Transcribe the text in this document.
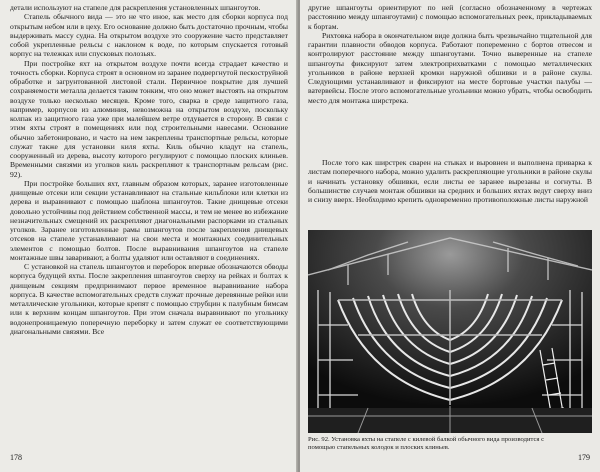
детали используют на стапеле для раскрепления установленных шпангоутов.

Стапель обычного вида — это не что иное, как место для сборки корпуса под открытым небом или в цеху. Его основание должно быть достаточно прочным, чтобы выдерживать массу судна. На открытом воздухе это сооружение часто представляет собой укрепленные рельсы с наклоном к воде, по которым спускается готовый корпус на тележках или спусковых полозьях.

При постройке яхт на открытом воздухе почти всегда страдает качество и точность сборки. Корпуса строят в основном из заранее подвергнутой пескоструйной обработке и загрунтованной листовой стали. Первичное покрытие для лучшей сохраняемости металла делается таким тонким, что оно может выстоять на открытом воздухе только несколько месяцев. Кроме того, сварка в среде защитного газа, например, корпусов из алюминия, невозможна на открытом воздухе, поскольку колпак из защитного газа уже при малейшем ветре отдувается в сторону. В связи с этим яхты строят в помещениях или под строительными навесами. Основание обычно забетонировано, и часто на нем закреплены транспортные рельсы, которые служат также для установки киля яхты. Киль обычно кладут на стапель, сооруженный из дерева, высоту которого регулируют с помощью плоских клиньев. Временными связями из уголков киль раскрепляют к транспортным рельсам (рис. 92).

При постройке больших яхт, главным образом которых, заранее изготовленные днищевые отсеки или секции устанавливают на стальные кильблоки или клетки из дерева и выравнивают с помощью шаблона шпангоутов. Такие днищевые отсеки довольно устойчивы под действием собственной массы, и тем не менее во избежание незначительных смещений их раскрепляют диагональными распорками из стальных уголков. Заранее изготовленные рамы шпангоутов после закрепления днищевых отсеков на стапеле устанавливают на свои места и монтажных соединительных элементов с помощью болтов. После выравнивания шпангоутов на стапеле монтажные швы заваривают, а болты удаляют или оставляют в соединениях.

С установкой на стапель шпангоутов и переборок впервые обозначаются обводы корпуса будущей яхты. После закрепления шпангоутов сверху на рейках и болтах к днищевым секциям предпринимают первое временное выравнивание набора корпуса. В качестве вспомогательных средств служат прочные деревянные рейки или металлические угольники, которые крепят с помощью струбцин к палубным бимсам или к верхним концам шпангоутов. При этом сначала выравнивают по угольнику водонепроницаемую поперечную переборку и затем служат ее соответствующими диагональными связями. Все

178

другие шпангоуты ориентируют по ней (согласно обозначенному в чертежах расстоянию между шпангоутами) с помощью вспомогательных реек, прикладываемых к бортам.

Рихтовка набора в окончательном виде должна быть чрезвычайно тщательной для гарантии плавности обводов корпуса. Работают попеременно с бортов отвесом и контролируют расстояние между шпангоутами. Точно выверенные на стапеле шпангоуты фиксируют затем электроприхватками с помощью металлических угольников в районе верхней кромки наружной обшивки и в районе скулы. Следующими устанавливают и фиксируют на месте бортовые участки палубы — ватервейсы. После этого вспомогательные угольники можно убрать, чтобы освободить место для монтажа ширстрека.

После того как ширстрек сварен на стыках и выровнен и выполнена приварка к листам поперечного набора, можно удалить раскрепляющие угольники в районе скулы и начинать установку обшивки, если листы ее заранее вырезаны и согнуты. В большинстве случаев монтаж обшивки на средних и больших яхтах ведут сверху вниз и снизу вверх. Необходимо крепить одновременно противоположные листы наружной

Рис. 92. Установка яхты на стапеле с килевой балкой обычного вида производится с помощью стапельных колодок и плоских клиньев.
179
